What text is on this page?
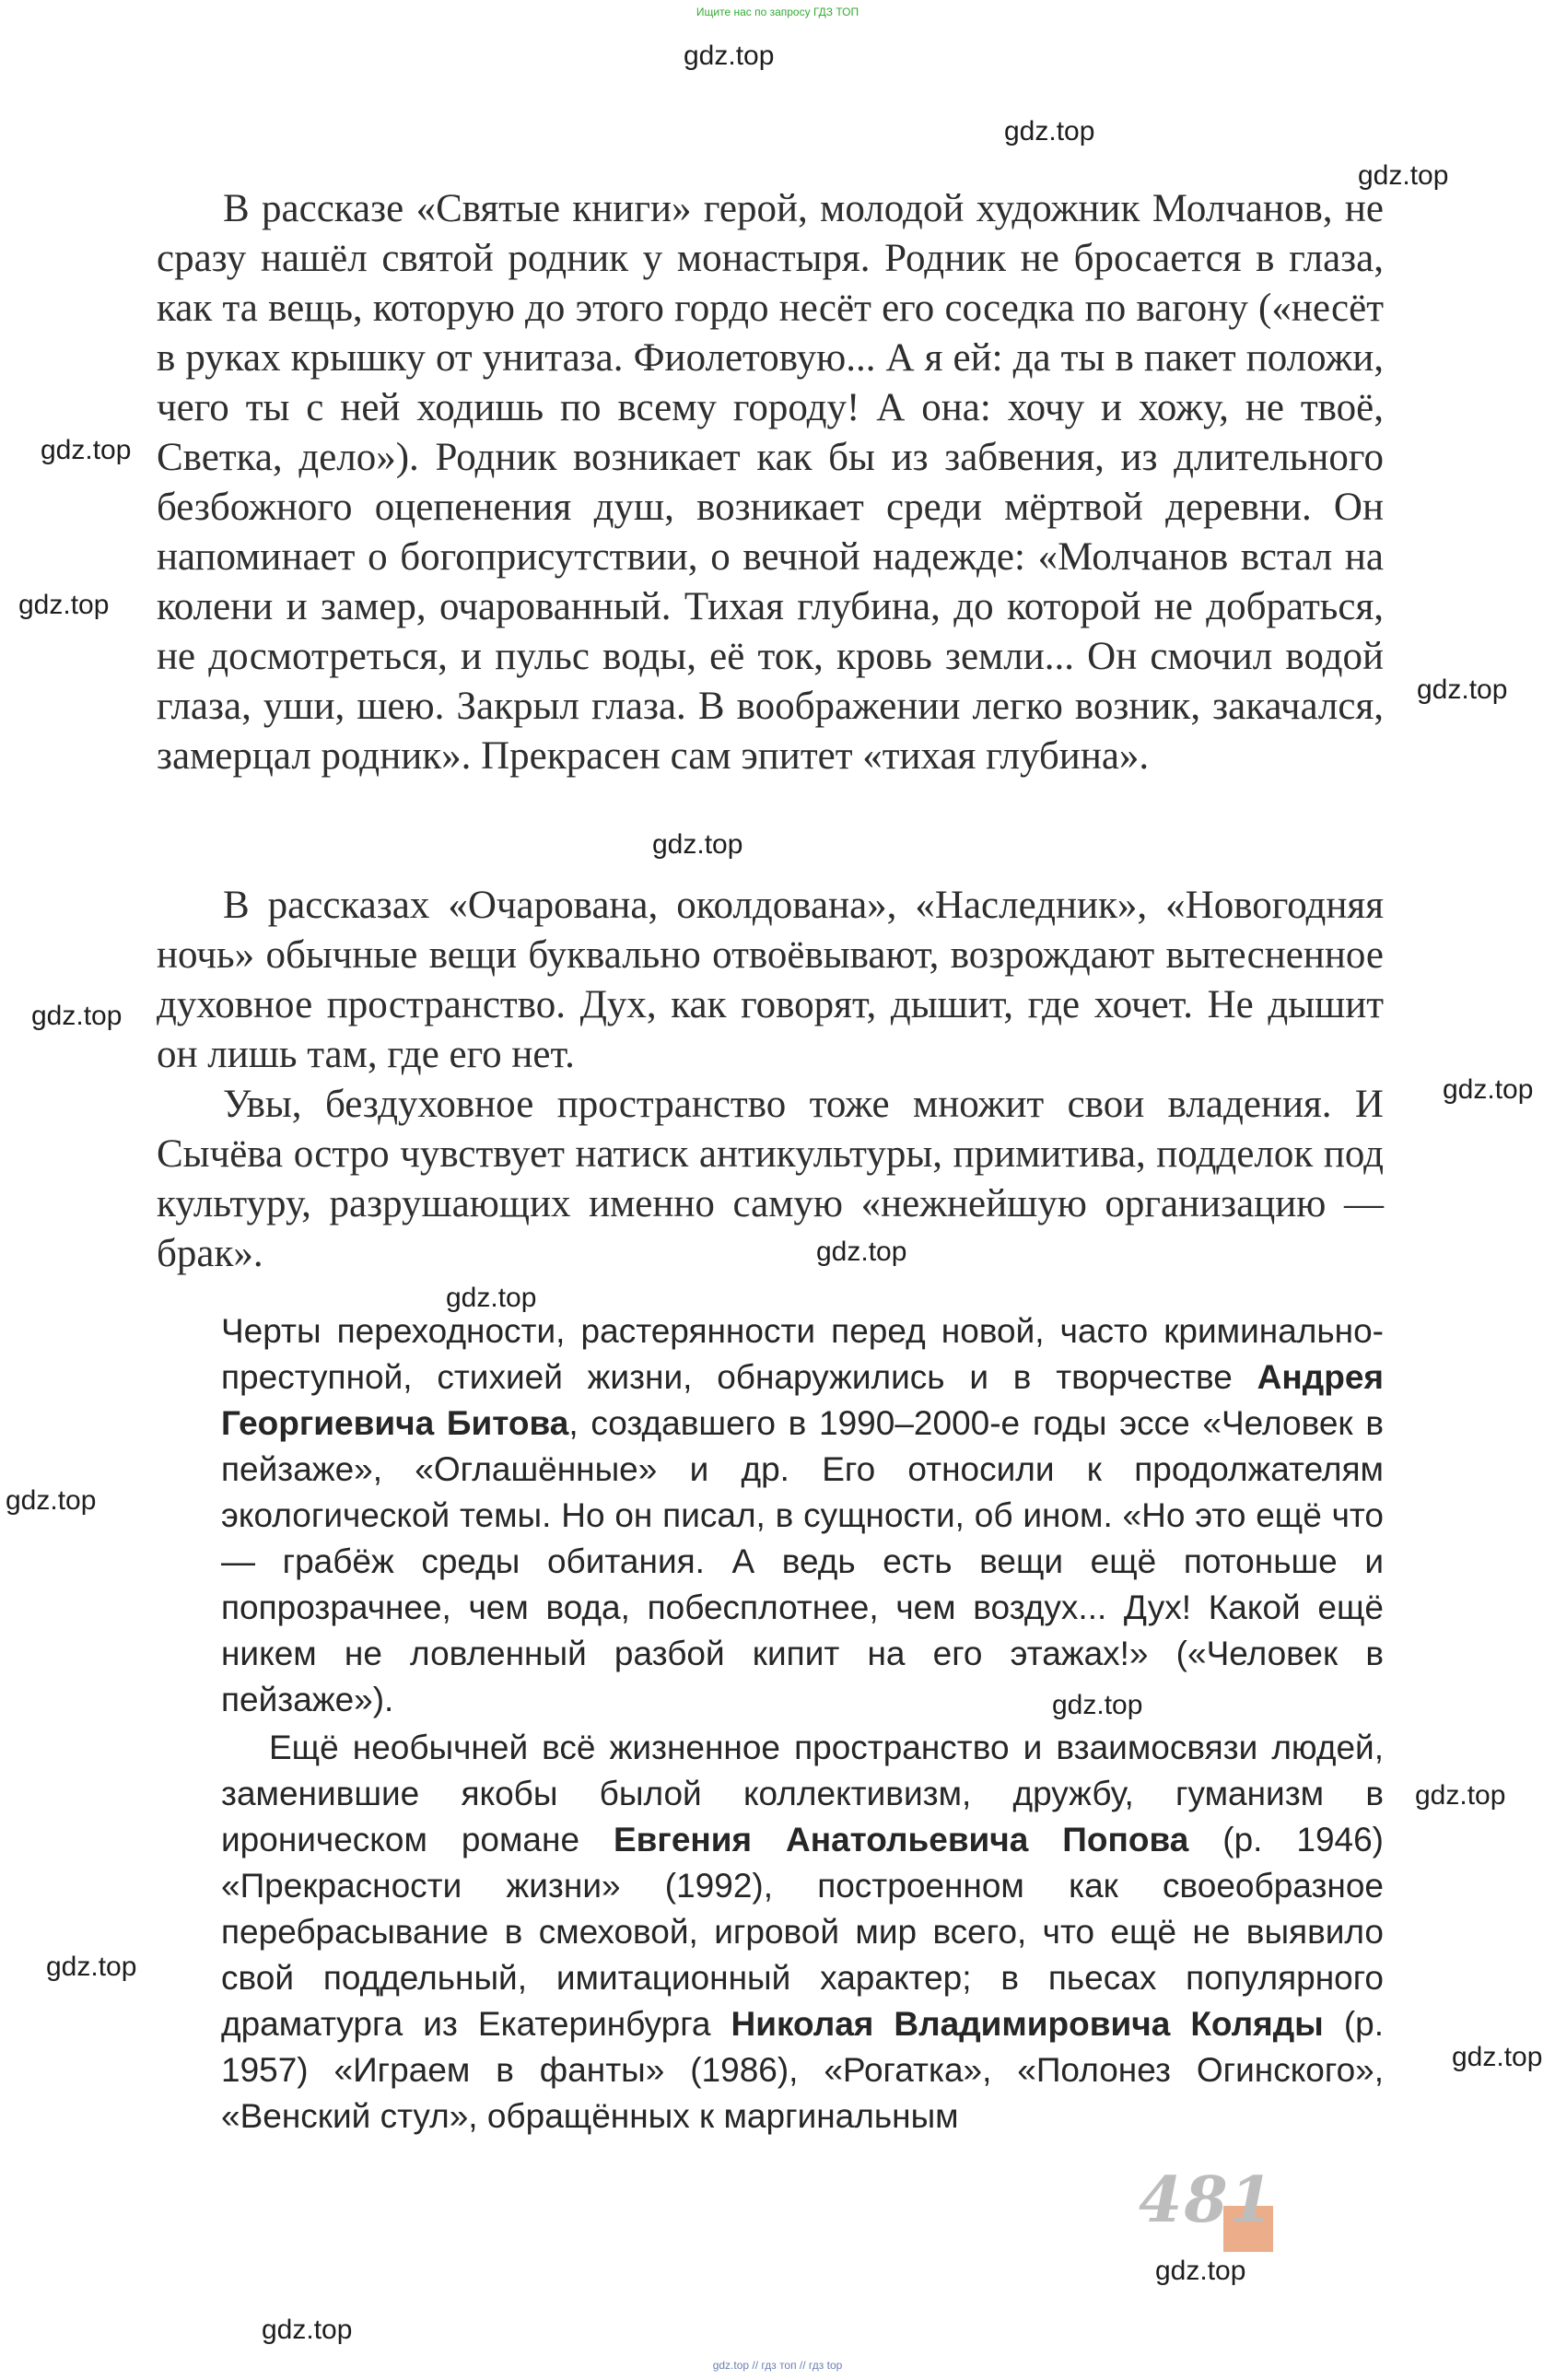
Ищите нас по запросу ГДЗ ТОП

В рассказе «Святые книги» герой, молодой художник Молчанов, не сразу нашёл святой родник у монастыря. Родник не бросается в глаза, как та вещь, которую до этого гордо несёт его соседка по вагону («несёт в руках крышку от унитаза. Фиолетовую... А я ей: да ты в пакет положи, чего ты с ней ходишь по всему городу! А она: хочу и хожу, не твоё, Светка, дело»). Родник возникает как бы из забвения, из длительного безбожного оцепенения душ, возникает среди мёртвой деревни. Он напоминает о богоприсутствии, о вечной надежде: «Молчанов встал на колени и замер, очарованный. Тихая глубина, до которой не добраться, не досмотреться, и пульс воды, её ток, кровь земли... Он смочил водой глаза, уши, шею. Закрыл глаза. В воображении легко возник, закачался, замерцал родник». Прекрасен сам эпитет «тихая глубина».

В рассказах «Очарована, околдована», «Наследник», «Новогодняя ночь» обычные вещи буквально отвоёвывают, возрождают вытесненное духовное пространство. Дух, как говорят, дышит, где хочет. Не дышит он лишь там, где его нет.

Увы, бездуховное пространство тоже множит свои владения. И Сычёва остро чувствует натиск антикультуры, примитива, подделок под культуру, разрушающих именно самую «нежнейшую организацию — брак».

Черты переходности, растерянности перед новой, часто криминально-преступной, стихией жизни, обнаружились и в творчестве Андрея Георгиевича Битова, создавшего в 1990–2000-е годы эссе «Человек в пейзаже», «Оглашённые» и др. Его относили к продолжателям экологической темы. Но он писал, в сущности, об ином. «Но это ещё что — грабёж среды обитания. А ведь есть вещи ещё потоньше и попрозрачнее, чем вода, побесплотнее, чем воздух... Дух! Какой ещё никем не ловленный разбой кипит на его этажах!» («Человек в пейзаже»).

Ещё необычней всё жизненное пространство и взаимосвязи людей, заменившие якобы былой коллективизм, дружбу, гуманизм в ироническом романе Евгения Анатольевича Попова (р. 1946) «Прекрасности жизни» (1992), построенном как своеобразное перебрасывание в смеховой, игровой мир всего, что ещё не выявило свой поддельный, имитационный характер; в пьесах популярного драматурга из Екатеринбурга Николая Владимировича Коляды (р. 1957) «Играем в фанты» (1986), «Рогатка», «Полонез Огинского», «Венский стул», обращённых к маргинальным

481
gdz.top
gdz.top
gdz.top
gdz.top
gdz.top
gdz.top
gdz.top
gdz.top
gdz.top
gdz.top
gdz.top
gdz.top
gdz.top
gdz.top
gdz.top
gdz.top
gdz.top
gdz.top
gdz.top // гдз топ // гдз top
